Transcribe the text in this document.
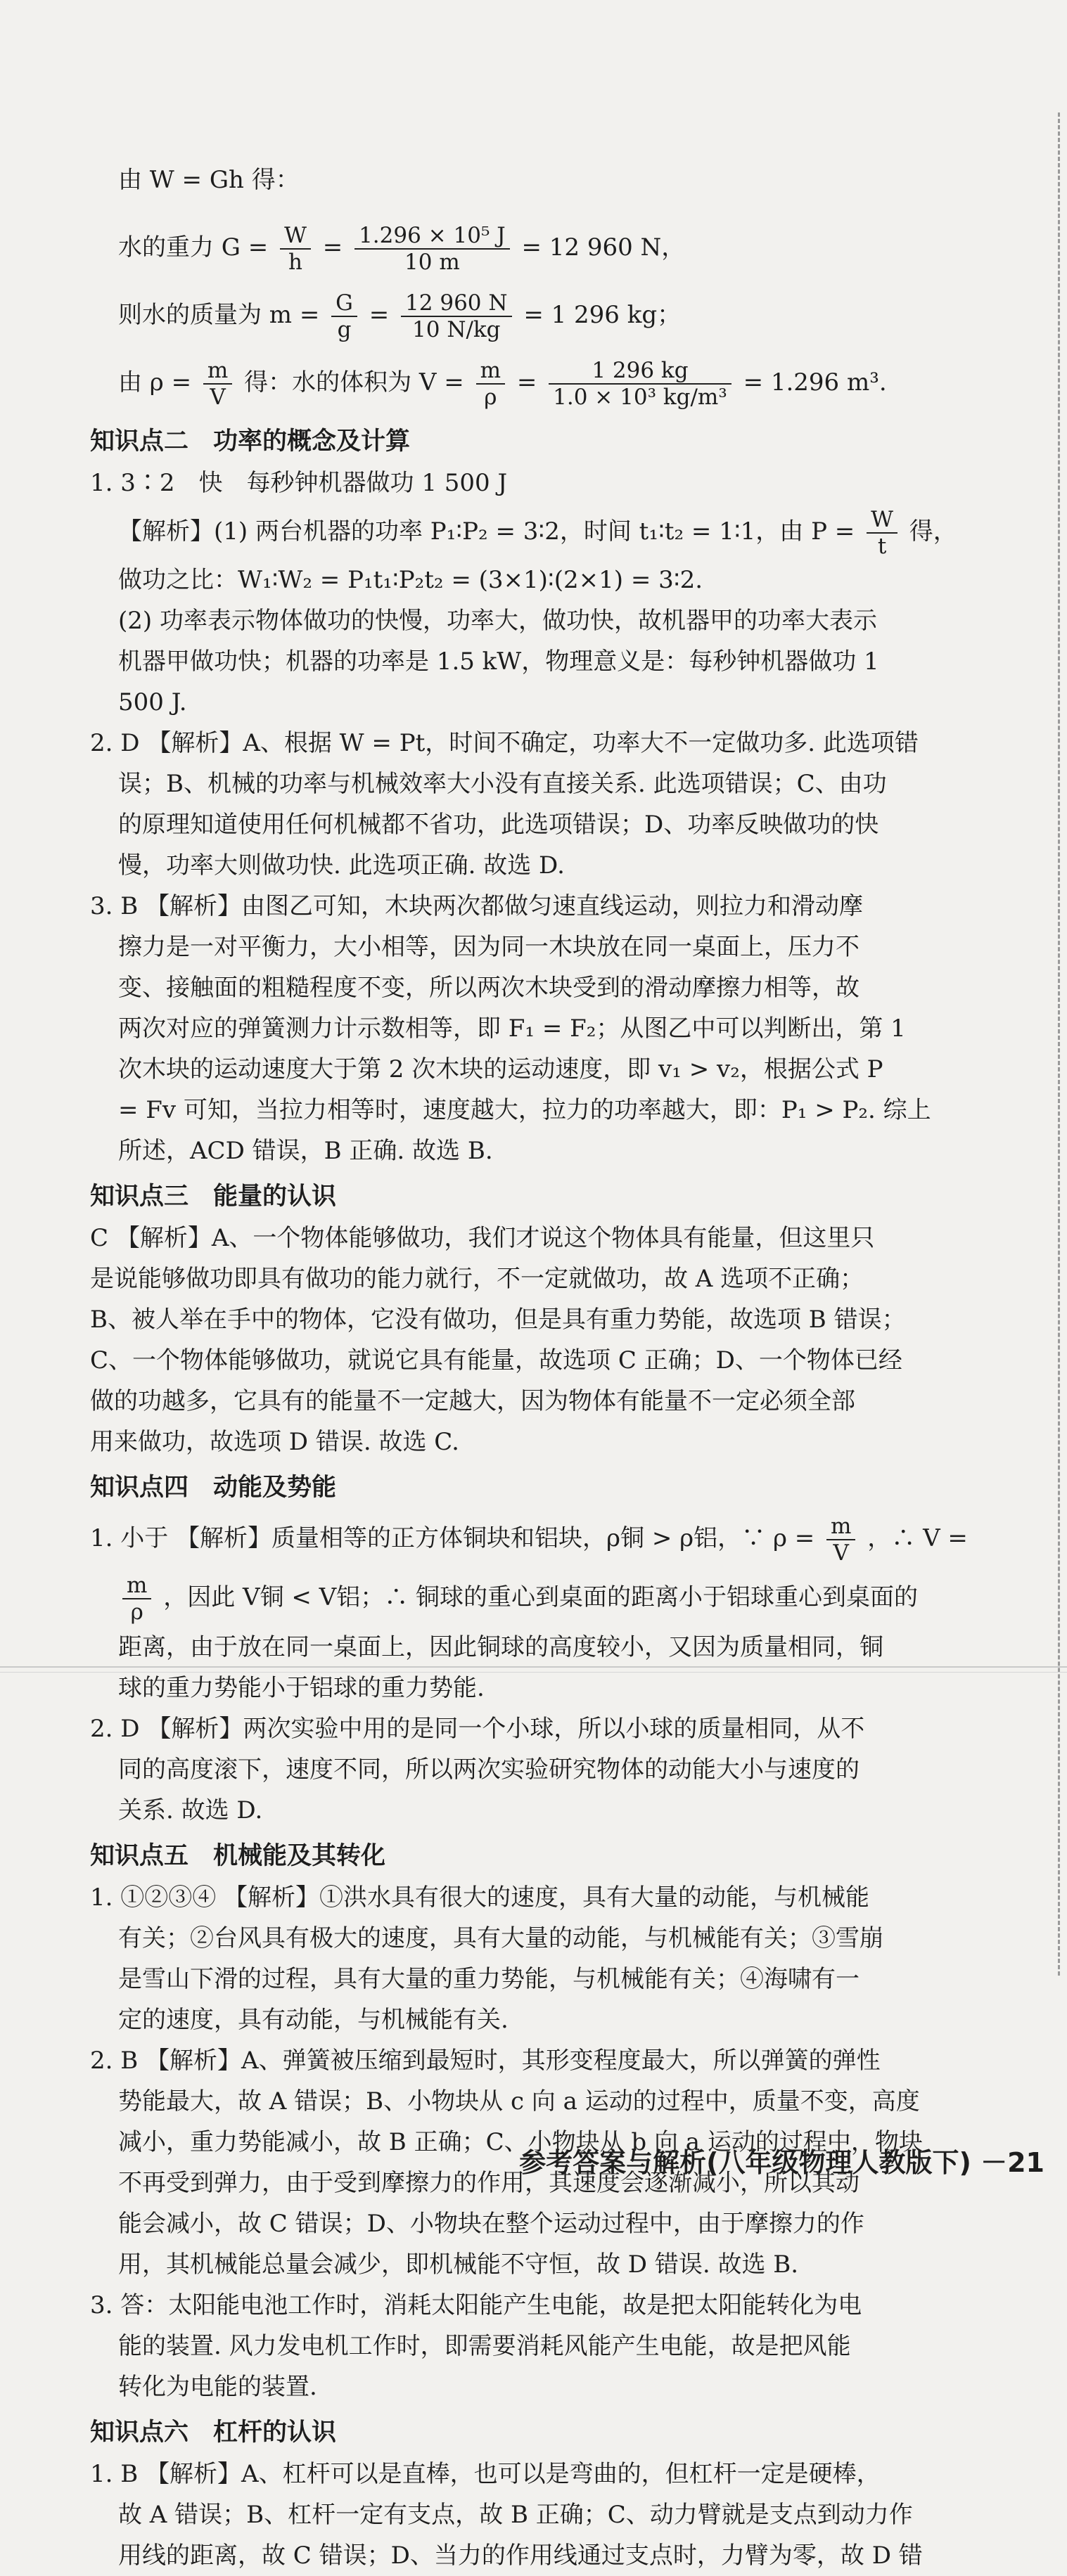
由 W = Gh 得：
水的重力 $G = \frac{W}{h} = \frac{\text{1.296 × 10⁵ J}}{10 m} = 12$ 960 N，
则水的质量为 $m = \frac{G}{g} = \frac{12 960 N}{10 N/kg} = 1$ 296 kg；
由 $\rho = \frac{m}{V}$ 得：水的体积为 $V = \frac{m}{\rho} = \frac{1 296 kg}{\text{1.0 × 10³ kg/m³}} = 1.296$ m³.
知识点二　功率的概念及计算
1. 3∶2　快　每秒钟机器做功 1 500 J
【解析】(1) 两台机器的功率 P₁∶P₂ = 3∶2，时间 t₁∶t₂ = 1∶1，由 $P = \frac{W}{t}$ 得，
做功之比：W₁∶W₂ = P₁t₁∶P₂t₂ = (3×1)∶(2×1) = 3∶2.
(2) 功率表示物体做功的快慢，功率大，做功快，故机器甲的功率大表示
机器甲做功快；机器的功率是 1.5 kW，物理意义是：每秒钟机器做功 1
500 J.
2. D 【解析】A、根据 W = Pt，时间不确定，功率大不一定做功多. 此选项错
误；B、机械的功率与机械效率大小没有直接关系. 此选项错误；C、由功
的原理知道使用任何机械都不省功，此选项错误；D、功率反映做功的快
慢，功率大则做功快. 此选项正确. 故选 D.
3. B 【解析】由图乙可知，木块两次都做匀速直线运动，则拉力和滑动摩
擦力是一对平衡力，大小相等，因为同一木块放在同一桌面上，压力不
变、接触面的粗糙程度不变，所以两次木块受到的滑动摩擦力相等，故
两次对应的弹簧测力计示数相等，即 F₁ = F₂；从图乙中可以判断出，第 1
次木块的运动速度大于第 2 次木块的运动速度，即 v₁ > v₂，根据公式 P
= Fv 可知，当拉力相等时，速度越大，拉力的功率越大，即：P₁ > P₂. 综上
所述，ACD 错误，B 正确. 故选 B.
知识点三　能量的认识
C 【解析】A、一个物体能够做功，我们才说这个物体具有能量，但这里只
是说能够做功即具有做功的能力就行，不一定就做功，故 A 选项不正确；
B、被人举在手中的物体，它没有做功，但是具有重力势能，故选项 B 错误；
C、一个物体能够做功，就说它具有能量，故选项 C 正确；D、一个物体已经
做的功越多，它具有的能量不一定越大，因为物体有能量不一定必须全部
用来做功，故选项 D 错误. 故选 C.
知识点四　动能及势能
1. 小于 【解析】质量相等的正方体铜块和铝块，ρ铜 > ρ铝，∵ $\rho = \frac{m}{V}$ ，∴ V =
$\frac{m}{\rho}$ ，因此 V铜 < V铝；∴ 铜球的重心到桌面的距离小于铝球重心到桌面的
距离，由于放在同一桌面上，因此铜球的高度较小，又因为质量相同，铜
球的重力势能小于铝球的重力势能.
2. D 【解析】两次实验中用的是同一个小球，所以小球的质量相同，从不
同的高度滚下，速度不同，所以两次实验研究物体的动能大小与速度的
关系. 故选 D.
知识点五　机械能及其转化
1. ①②③④ 【解析】①洪水具有很大的速度，具有大量的动能，与机械能
有关；②台风具有极大的速度，具有大量的动能，与机械能有关；③雪崩
是雪山下滑的过程，具有大量的重力势能，与机械能有关；④海啸有一
定的速度，具有动能，与机械能有关.
2. B 【解析】A、弹簧被压缩到最短时，其形变程度最大，所以弹簧的弹性
势能最大，故 A 错误；B、小物块从 c 向 a 运动的过程中，质量不变，高度
减小，重力势能减小，故 B 正确；C、小物块从 b 向 a 运动的过程中，物块
不再受到弹力，由于受到摩擦力的作用，其速度会逐渐减小，所以其动
能会减小，故 C 错误；D、小物块在整个运动过程中，由于摩擦力的作
用，其机械能总量会减少，即机械能不守恒，故 D 错误. 故选 B.
3. 答：太阳能电池工作时，消耗太阳能产生电能，故是把太阳能转化为电
能的装置. 风力发电机工作时，即需要消耗风能产生电能，故是把风能
转化为电能的装置.
知识点六　杠杆的认识
1. B 【解析】A、杠杆可以是直棒，也可以是弯曲的，但杠杆一定是硬棒，
故 A 错误；B、杠杆一定有支点，故 B 正确；C、动力臂就是支点到动力作
用线的距离，故 C 错误；D、当力的作用线通过支点时，力臂为零，故 D 错
参考答案与解析(八年级物理人教版下) －21
